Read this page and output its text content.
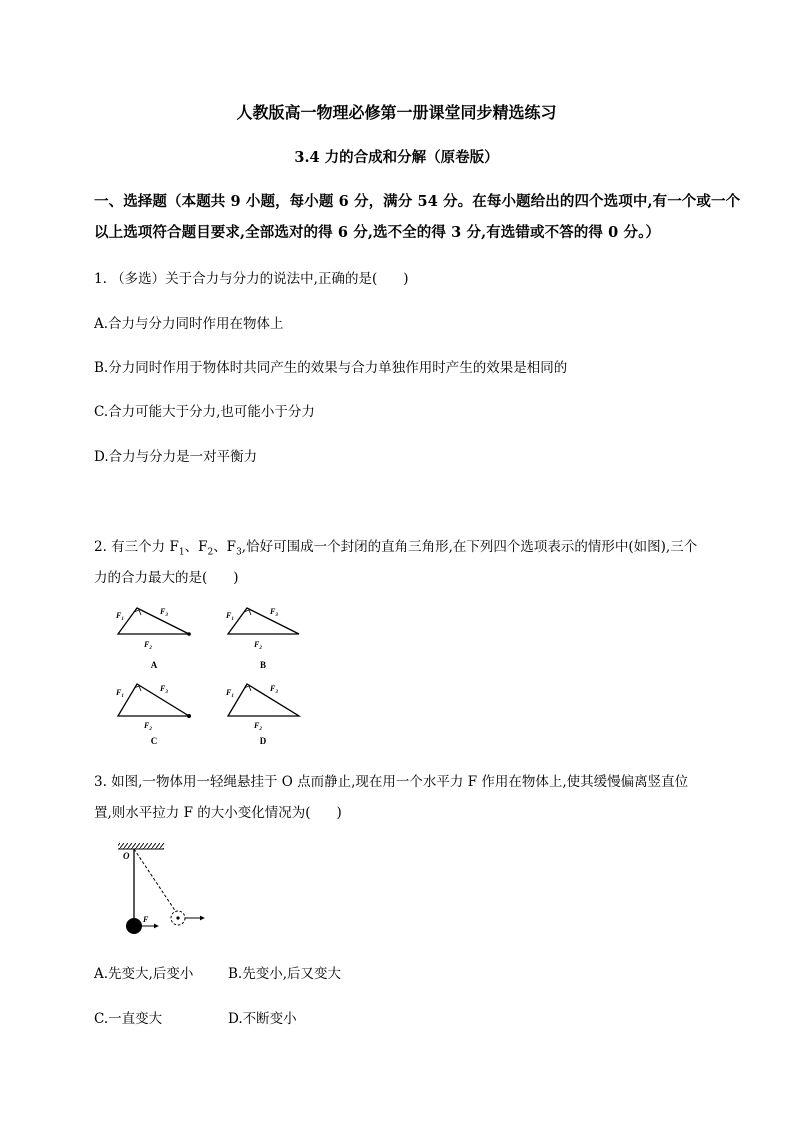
人教版高一物理必修第一册课堂同步精选练习
3.4 力的合成和分解（原卷版）
一、选择题（本题共 9 小题，每小题 6 分，满分 54 分。在每小题给出的四个选项中,有一个或一个
以上选项符合题目要求,全部选对的得 6 分,选不全的得 3 分,有选错或不答的得 0 分。）
1. （多选）关于合力与分力的说法中,正确的是( )
A.合力与分力同时作用在物体上
B.分力同时作用于物体时共同产生的效果与合力单独作用时产生的效果是相同的
C.合力可能大于分力,也可能小于分力
D.合力与分力是一对平衡力
2. 有三个力 $F_1$、$F_2$、$F_3$,恰好可围成一个封闭的直角三角形,在下列四个选项表示的情形中(如图),三个
力的合力最大的是( )
$F_1$
$F_3$
$F_2$
$F_1$
$F_3$
$F_2$
$F_1$
$F_3$
$F_2$
$F_1$
$F_3$
$F_2$
A	B
C	D
3. 如图,一物体用一轻绳悬挂于 O 点而静止,现在用一个水平力 F 作用在物体上,使其缓慢偏离竖直位
置,则水平拉力 F 的大小变化情况为( )
O
F
A.先变大,后变小	B.先变小,后又变大
C.一直变大	D.不断变小
